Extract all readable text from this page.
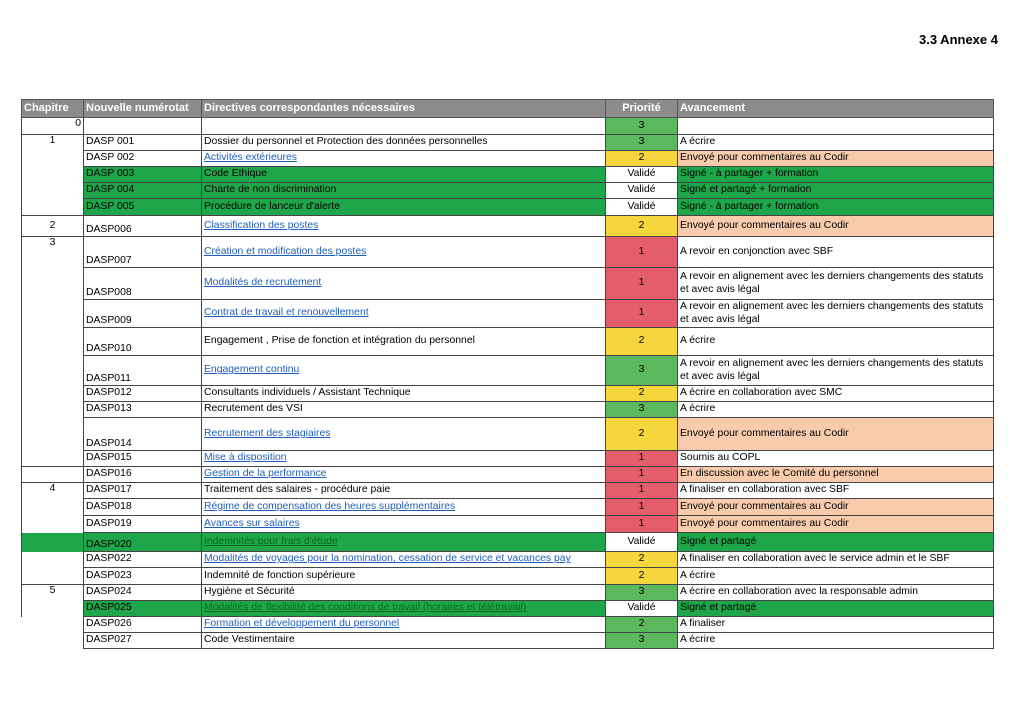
3.3 Annexe 4
Chapitre	Nouvelle numérotat	Directives correspondantes nécessaires	Priorité	Avancement
0			3	
1	DASP 001	Dossier du personnel et Protection des données personnelles	3	A écrire
	DASP 002	Activités extérieures	2	Envoyé pour commentaires au Codir
	DASP 003	Code Ethique	Validé	Signé - à partager + formation
	DASP 004	Charte de non discrimination	Validé	Signé et partagé + formation
	DASP 005	Procédure de lanceur d'alerte	Validé	Signé - à partager + formation
2	DASP006	Classification des postes	2	Envoyé pour commentaires au Codir
3	DASP007	Création et modification des postes	1	A revoir en conjonction avec SBF
	DASP008	Modalités de recrutement	1	A revoir en alignement avec les derniers changements des statuts et avec avis légal
	DASP009	Contrat de travail et renouvellement	1	A revoir en alignement avec les derniers changements des statuts et avec avis légal
	DASP010	Engagement , Prise de fonction et intégration du personnel	2	A écrire
	DASP011	Engagement continu	3	A revoir en alignement avec les derniers changements des statuts et avec avis légal
	DASP012	Consultants individuels / Assistant Technique	2	A écrire en collaboration avec SMC
	DASP013	Recrutement des VSI	3	A écrire
	DASP014	Recrutement des stagiaires	2	Envoyé pour commentaires au Codir
	DASP015	Mise à disposition	1	Soumis au COPL
	DASP016	Gestion de la performance	1	En discussion avec le Comité du personnel
4	DASP017	Traitement des salaires - procédure paie	1	A finaliser en collaboration avec SBF
	DASP018	Régime de compensation des heures supplémentaires	1	Envoyé pour commentaires au Codir
	DASP019	Avances sur salaires	1	Envoyé pour commentaires au Codir
	DASP020	Indemnités pour frais d'étude	Validé	Signé et partagé
	DASP022	Modalités de voyages pour la nomination, cessation de service et vacances pay	2	A finaliser en collaboration avec le service admin et le SBF
	DASP023	Indemnité de fonction supérieure	2	A écrire
5	DASP024	Hygiène et Sécurité	3	A écrire en collaboration avec la responsable admin
	DASP025	Modalités de flexibilité des conditions de travail (horaires et télétravail)	Validé	Signé et partagé
	DASP026	Formation et développement du personnel	2	A finaliser
	DASP027	Code Vestimentaire	3	A écrire
